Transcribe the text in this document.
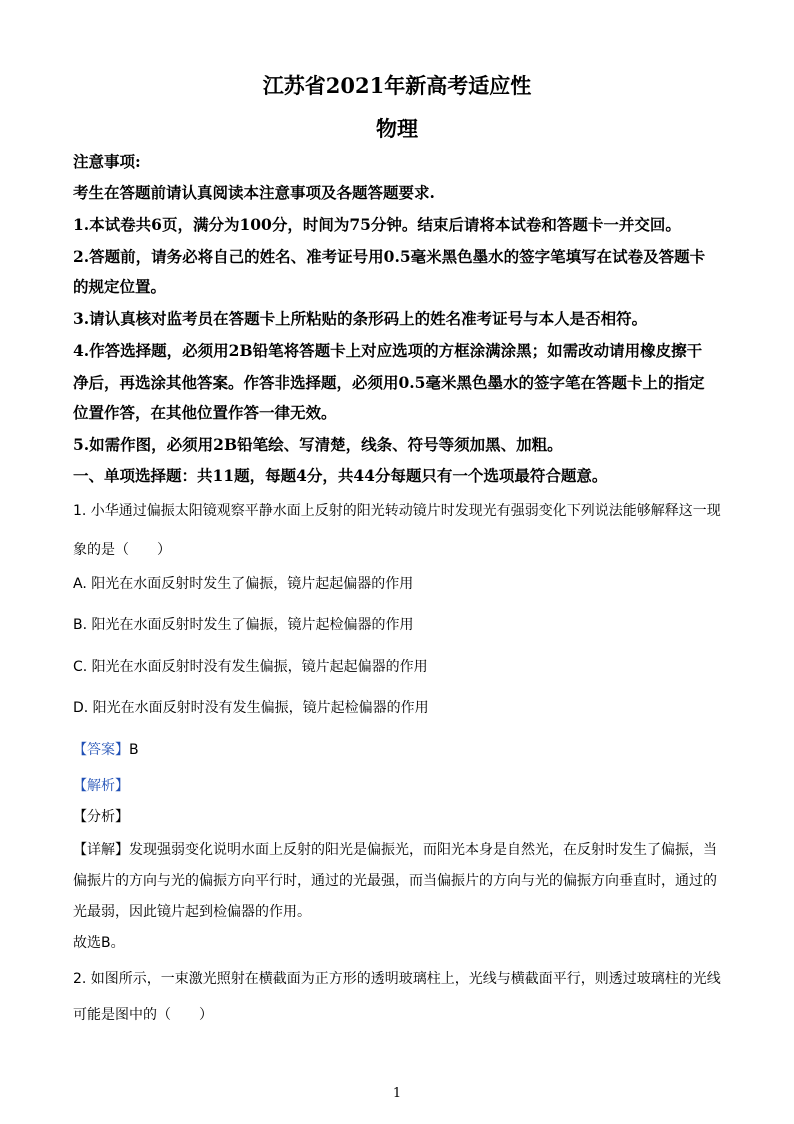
江苏省2021年新高考适应性
物理
注意事项:
考生在答题前请认真阅读本注意事项及各题答题要求.
1.本试卷共6页，满分为100分，时间为75分钟。结束后请将本试卷和答题卡一并交回。
2.答题前，请务必将自己的姓名、准考证号用0.5毫米黑色墨水的签字笔填写在试卷及答题卡
的规定位置。
3.请认真核对监考员在答题卡上所粘贴的条形码上的姓名准考证号与本人是否相符。
4.作答选择题，必须用2B铅笔将答题卡上对应选项的方框涂满涂黑；如需改动请用橡皮擦干
净后，再选涂其他答案。作答非选择题，必须用0.5毫米黑色墨水的签字笔在答题卡上的指定
位置作答，在其他位置作答一律无效。
5.如需作图，必须用2B铅笔绘、写清楚，线条、符号等须加黑、加粗。
一、单项选择题：共11题，每题4分，共44分每题只有一个选项最符合题意。
1. 小华通过偏振太阳镜观察平静水面上反射的阳光转动镜片时发现光有强弱变化下列说法能够解释这一现
象的是（　　）
A. 阳光在水面反射时发生了偏振，镜片起起偏器的作用
B. 阳光在水面反射时发生了偏振，镜片起检偏器的作用
C. 阳光在水面反射时没有发生偏振，镜片起起偏器的作用
D. 阳光在水面反射时没有发生偏振，镜片起检偏器的作用
【答案】B
【解析】
【分析】
【详解】发现强弱变化说明水面上反射的阳光是偏振光，而阳光本身是自然光，在反射时发生了偏振，当
偏振片的方向与光的偏振方向平行时，通过的光最强，而当偏振片的方向与光的偏振方向垂直时，通过的
光最弱，因此镜片起到检偏器的作用。
故选B。
2. 如图所示，一束激光照射在横截面为正方形的透明玻璃柱上，光线与横截面平行，则透过玻璃柱的光线
可能是图中的（　　）
1
